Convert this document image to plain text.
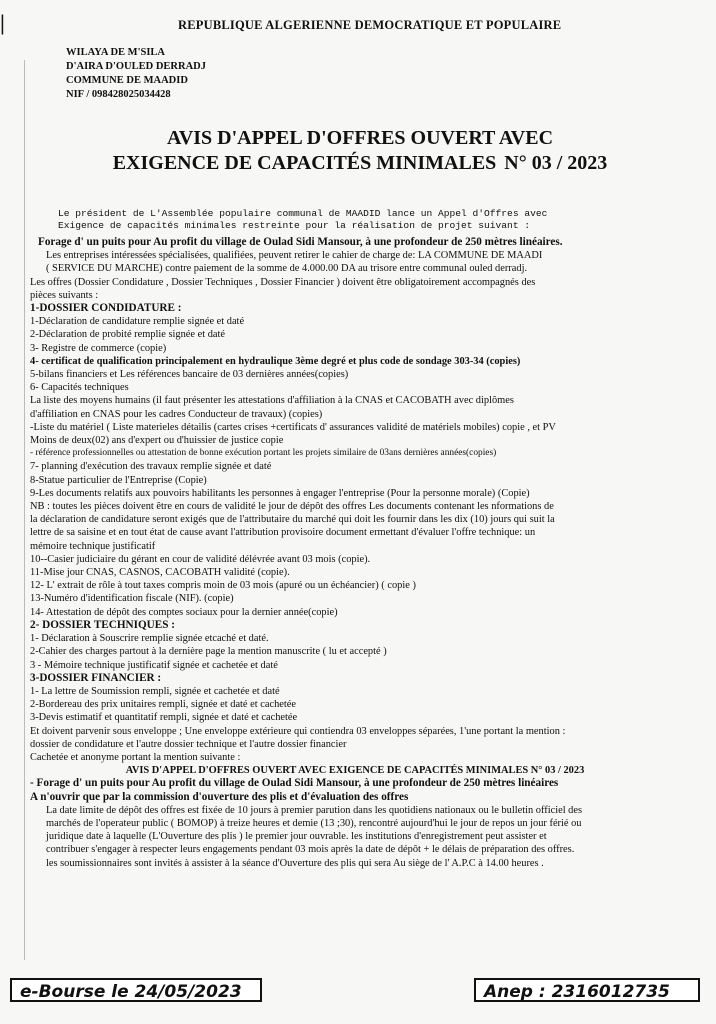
|	REPUBLIQUE ALGERIENNE DEMOCRATIQUE ET POPULAIRE
WILAYA DE M'SILA
D'AIRA D'OULED DERRADJ
COMMUNE DE MAADID
NIF / 098428025034428
AVIS D'APPEL D'OFFRES OUVERT AVEC
EXIGENCE DE CAPACITÉS MINIMALES N° 03 / 2023
Le président de L'Assemblée populaire communal de MAADID lance un Appel d'Offres avec
Exigence de capacités minimales restreinte pour la réalisation de projet suivant :

Forage d' un puits pour Au profit du village de Oulad Sidi Mansour, à une profondeur de 250 mètres linéaires.

Les entreprises intéressées spécialisées, qualifiées, peuvent retirer le cahier de charge de: LA COMMUNE DE MAADI

( SERVICE DU MARCHE) contre paiement de la somme de 4.000.00 DA au trisore entre communal ouled derradj.

Les offres (Dossier Condidature , Dossier Techniques , Dossier Financier ) doivent être obligatoirement accompagnés des

pièces suivants :

1-DOSSIER CONDIDATURE :

1-Déclaration de candidature remplie signée et daté

2-Déclaration de probité remplie signée et daté

3- Registre de commerce (copie)

4- certificat de qualification principalement en hydraulique 3ème degré et plus code de sondage 303-34 (copies)

5-bilans financiers et Les références bancaire de 03 dernières années(copies)

6- Capacités techniques

La liste des moyens humains (il faut présenter les attestations d'affiliation à la CNAS et CACOBATH avec diplômes

d'affiliation en CNAS pour les cadres Conducteur de travaux) (copies)

-Liste du matériel ( Liste materieles détailis (cartes crises +certificats d' assurances validité de matériels mobiles) copie , et PV

Moins de deux(02) ans d'expert ou d'huissier de justice copie

- référence professionnelles ou attestation de bonne exécution portant les projets similaire de 03ans dernières années(copies)

7- planning d'exécution des travaux remplie signée et daté

8-Statue particulier de l'Entreprise (Copie)

9-Les documents relatifs aux pouvoirs habilitants les personnes à engager l'entreprise (Pour la personne morale) (Copie)

NB : toutes les pièces doivent être en cours de validité le jour de dépôt des offres Les documents contenant les nformations de

la déclaration de candidature seront exigés que de l'attributaire du marché qui doit les fournir dans les dix (10) jours qui suit la

lettre de sa saisine et en tout état de cause avant l'attribution provisoire document ermettant d'évaluer l'offre technique: un

mémoire technique justificatif

10--Casier judiciaire du gérant en cour de validité délévrée avant 03 mois (copie).

11-Mise jour CNAS, CASNOS, CACOBATH validité (copie).

12- L' extrait de rôle à tout taxes compris moin de 03 mois (apuré ou un échéancier) ( copie )

13-Numéro d'identification fiscale (NIF). (copie)

14- Attestation de dépôt des comptes sociaux pour la dernier année(copie)

2- DOSSIER TECHNIQUES :

1- Déclaration à Souscrire remplie signée etcaché et daté.

2-Cahier des charges partout à la dernière page la mention manuscrite ( lu et accepté )

3 - Mémoire technique justificatif signée et cachetée et daté

3-DOSSIER FINANCIER :

1- La lettre de Soumission rempli, signée et cachetée et daté

2-Bordereau des prix unitaires rempli, signée et daté et cachetée

3-Devis estimatif et quantitatif rempli, signée et daté et cachetée

Et doivent parvenir sous enveloppe ; Une enveloppe extérieure qui contiendra 03 enveloppes séparées, 1'une portant la mention :

dossier de condidature et l'autre dossier technique et l'autre dossier financier

Cachetée et anonyme portant la mention suivante :

AVIS D'APPEL D'OFFRES OUVERT AVEC EXIGENCE DE CAPACITÉS MINIMALES N° 03 / 2023

- Forage d' un puits pour Au profit du village de Oulad Sidi Mansour, à une profondeur de 250 mètres linéaires

A n'ouvrir que par la commission d'ouverture des plis et d'évaluation des offres

La date limite de dépôt des offres est fixée de 10 jours à premier parution dans les quotidiens nationaux ou le bulletin officiel des

marchés de l'operateur public ( BOMOP) à treize heures et demie (13 ;30), rencontré aujourd'hui le jour de repos un jour férié ou

juridique date à laquelle (L'Ouverture des plis ) le premier jour ouvrable. les institutions d'enregistrement peut assister et

contribuer s'engager à respecter leurs engagements pendant 03 mois après la date de dépôt + le délais de préparation des offres.

les soumissionnaires sont invités à assister à la séance d'Ouverture des plis qui sera Au siège de l' A.P.C à 14.00 heures .

e-Bourse le 24/05/2023	Anep : 2316012735
